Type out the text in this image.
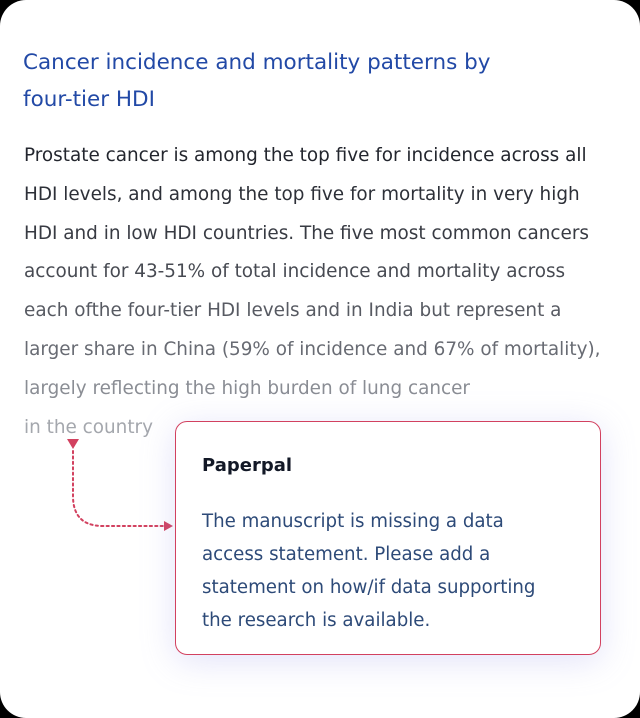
Cancer incidence and mortality patterns by
four-tier HDI

Prostate cancer is among the top five for incidence across all
HDI levels, and among the top five for mortality in very high
HDI and in low HDI countries. The five most common cancers
account for 43-51% of total incidence and mortality across
each ofthe four-tier HDI levels and in India but represent a
larger share in China (59% of incidence and 67% of mortality),
largely reflecting the high burden of lung cancer
in the country

Paperpal
The manuscript is missing a data
access statement. Please add a
statement on how/if data supporting
the research is available.
